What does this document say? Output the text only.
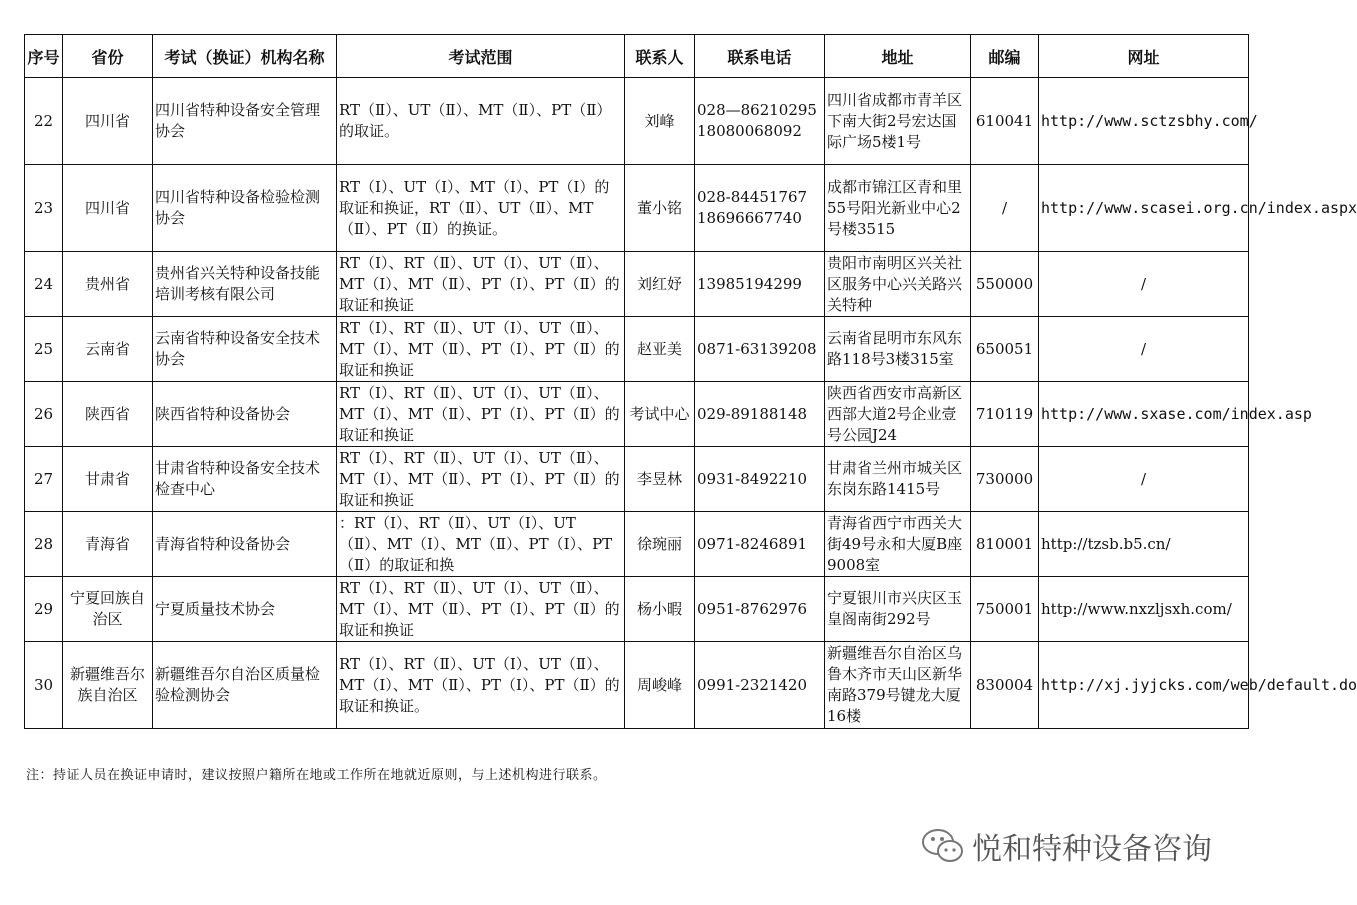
序号	省份	考试（换证）机构名称	考试范围	联系人	联系电话	地址	邮编	网址
22	四川省	四川省特种设备安全管理协会	RT（Ⅱ）、UT（Ⅱ）、MT（Ⅱ）、PT（Ⅱ）的取证。	刘峰	028—86210295 18080068092	四川省成都市青羊区下南大街2号宏达国际广场5楼1号	610041	http://www.sctzsbhy.com/
23	四川省	四川省特种设备检验检测协会	RT（Ⅰ）、UT（Ⅰ）、MT（Ⅰ）、PT（Ⅰ）的取证和换证，RT（Ⅱ）、UT（Ⅱ）、MT（Ⅱ）、PT（Ⅱ）的换证。	董小铭	028-84451767 18696667740	成都市锦江区青和里55号阳光新业中心2号楼3515	/	http://www.scasei.org.cn/index.aspx
24	贵州省	贵州省兴关特种设备技能培训考核有限公司	RT（Ⅰ）、RT（Ⅱ）、UT（Ⅰ）、UT（Ⅱ）、MT（Ⅰ）、MT（Ⅱ）、PT（Ⅰ）、PT（Ⅱ）的取证和换证	刘红妤	13985194299	贵阳市南明区兴关社区服务中心兴关路兴关特种	550000	/
25	云南省	云南省特种设备安全技术协会	RT（Ⅰ）、RT（Ⅱ）、UT（Ⅰ）、UT（Ⅱ）、MT（Ⅰ）、MT（Ⅱ）、PT（Ⅰ）、PT（Ⅱ）的取证和换证	赵亚美	0871-63139208	云南省昆明市东风东路118号3楼315室	650051	/
26	陕西省	陕西省特种设备协会	RT（Ⅰ）、RT（Ⅱ）、UT（Ⅰ）、UT（Ⅱ）、MT（Ⅰ）、MT（Ⅱ）、PT（Ⅰ）、PT（Ⅱ）的取证和换证	考试中心	029-89188148	陕西省西安市高新区西部大道2号企业壹号公园J24	710119	http://www.sxase.com/index.asp
27	甘肃省	甘肃省特种设备安全技术检查中心	RT（Ⅰ）、RT（Ⅱ）、UT（Ⅰ）、UT（Ⅱ）、MT（Ⅰ）、MT（Ⅱ）、PT（Ⅰ）、PT（Ⅱ）的取证和换证	李昱林	0931-8492210	甘肃省兰州市城关区东岗东路1415号	730000	/
28	青海省	青海省特种设备协会	：RT（Ⅰ）、RT（Ⅱ）、UT（Ⅰ）、UT（Ⅱ）、MT（Ⅰ）、MT（Ⅱ）、PT（Ⅰ）、PT（Ⅱ）的取证和换	徐琬丽	0971-8246891	青海省西宁市西关大街49号永和大厦B座9008室	810001	http://tzsb.b5.cn/
29	宁夏回族自治区	宁夏质量技术协会	RT（Ⅰ）、RT（Ⅱ）、UT（Ⅰ）、UT（Ⅱ）、MT（Ⅰ）、MT（Ⅱ）、PT（Ⅰ）、PT（Ⅱ）的取证和换证	杨小暇	0951-8762976	宁夏银川市兴庆区玉皇阁南街292号	750001	http://www.nxzljsxh.com/
30	新疆维吾尔族自治区	新疆维吾尔自治区质量检验检测协会	RT（Ⅰ）、RT（Ⅱ）、UT（Ⅰ）、UT（Ⅱ）、MT（Ⅰ）、MT（Ⅱ）、PT（Ⅰ）、PT（Ⅱ）的取证和换证。	周峻峰	0991-2321420	新疆维吾尔自治区乌鲁木齐市天山区新华南路379号键龙大厦16楼	830004	http://xj.jyjcks.com/web/default.do
注：持证人员在换证申请时，建议按照户籍所在地或工作所在地就近原则，与上述机构进行联系。
悦和特种设备咨询
